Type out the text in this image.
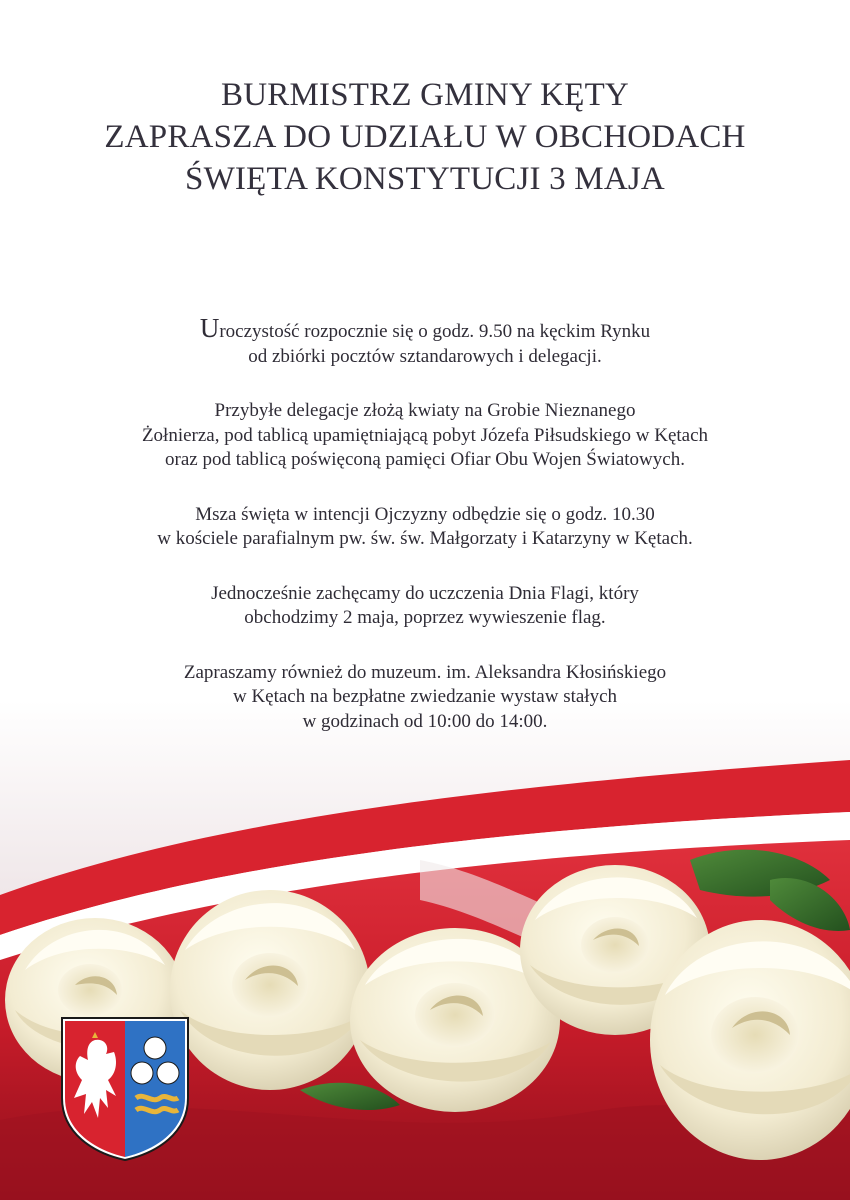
BURMISTRZ GMINY KĘTY
ZAPRASZA DO UDZIAŁU W OBCHODACH
ŚWIĘTA KONSTYTUCJI 3 MAJA
Uroczystość rozpocznie się o godz. 9.50 na kęckim Rynku
od zbiórki pocztów sztandarowych i delegacji.
Przybyłe delegacje złożą kwiaty na Grobie Nieznanego
Żołnierza, pod tablicą upamiętniającą pobyt Józefa Piłsudskiego w Kętach
oraz pod tablicą poświęconą pamięci Ofiar Obu Wojen Światowych.
Msza święta w intencji Ojczyzny odbędzie się o godz. 10.30
w kościele parafialnym pw. św. św. Małgorzaty i Katarzyny w Kętach.
Jednocześnie zachęcamy do uczczenia Dnia Flagi, który
obchodzimy 2 maja, poprzez wywieszenie flag.
Zapraszamy również do muzeum. im. Aleksandra Kłosińskiego
w Kętach na bezpłatne zwiedzanie wystaw stałych
w godzinach od 10:00 do 14:00.
